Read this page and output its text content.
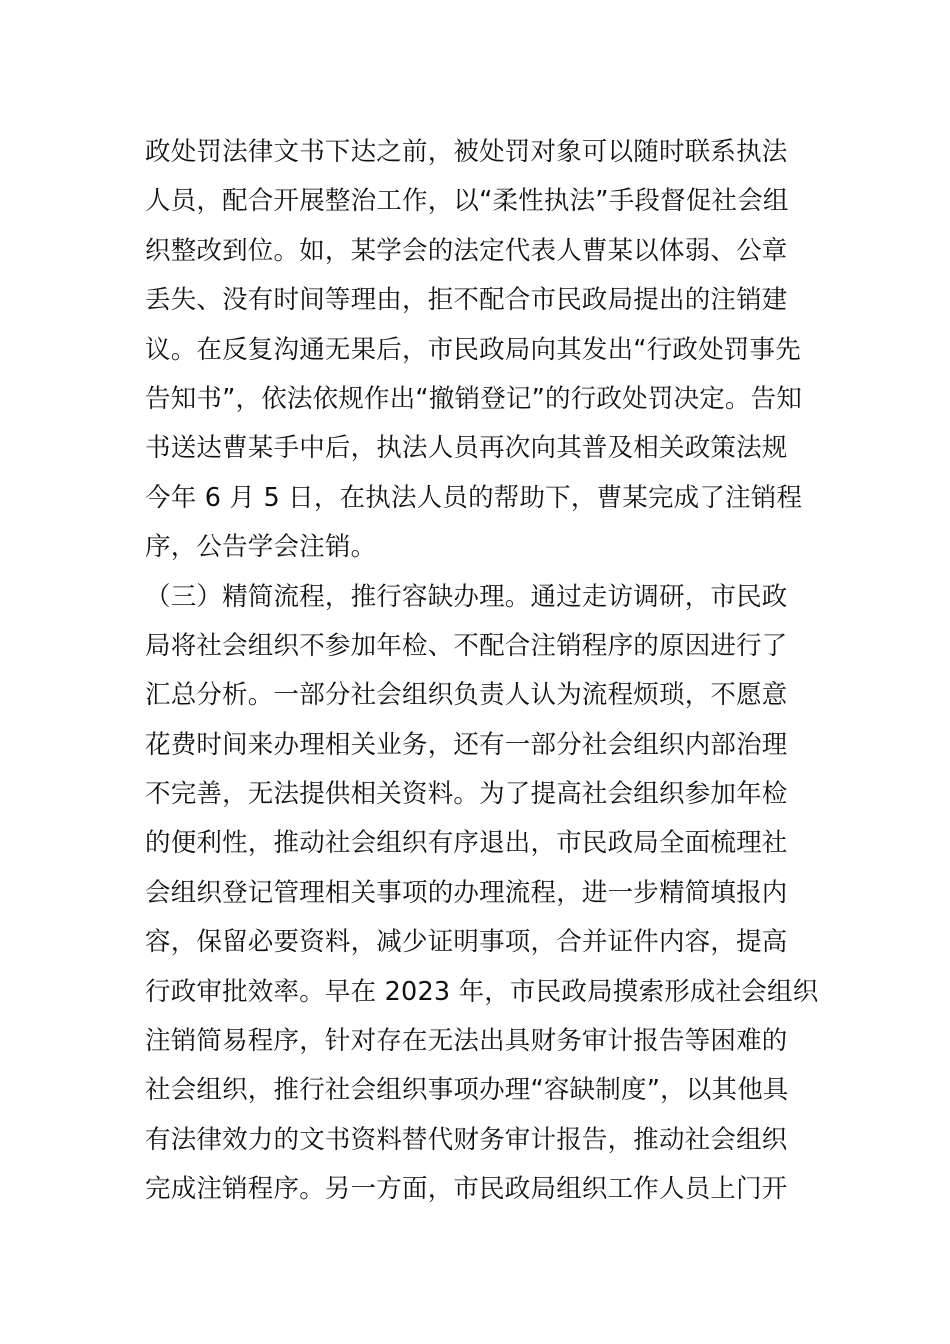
政处罚法律文书下达之前，被处罚对象可以随时联系执法
人员，配合开展整治工作，以“柔性执法”手段督促社会组
织整改到位。如，某学会的法定代表人曹某以体弱、公章
丢失、没有时间等理由，拒不配合市民政局提出的注销建
议。在反复沟通无果后，市民政局向其发出“行政处罚事先
告知书”，依法依规作出“撤销登记”的行政处罚决定。告知
书送达曹某手中后，执法人员再次向其普及相关政策法规
今年 6 月 5 日，在执法人员的帮助下，曹某完成了注销程
序，公告学会注销。
（三）精简流程，推行容缺办理。通过走访调研，市民政
局将社会组织不参加年检、不配合注销程序的原因进行了
汇总分析。一部分社会组织负责人认为流程烦琐，不愿意
花费时间来办理相关业务，还有一部分社会组织内部治理
不完善，无法提供相关资料。为了提高社会组织参加年检
的便利性，推动社会组织有序退出，市民政局全面梳理社
会组织登记管理相关事项的办理流程，进一步精简填报内
容，保留必要资料，减少证明事项，合并证件内容，提高
行政审批效率。早在 2023 年，市民政局摸索形成社会组织
注销简易程序，针对存在无法出具财务审计报告等困难的
社会组织，推行社会组织事项办理“容缺制度”，以其他具
有法律效力的文书资料替代财务审计报告，推动社会组织
完成注销程序。另一方面，市民政局组织工作人员上门开
